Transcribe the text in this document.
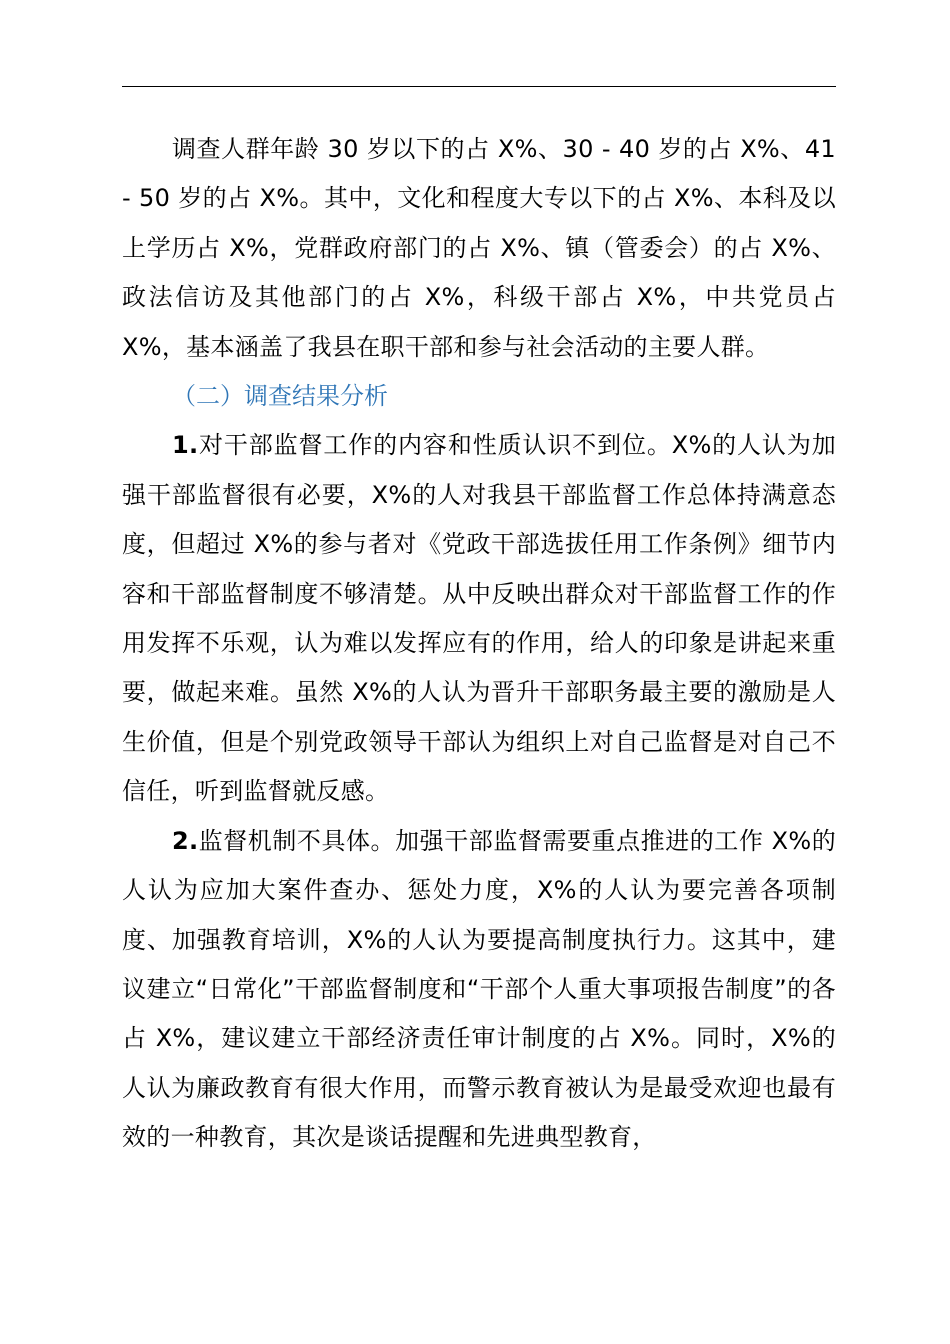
调查人群年龄 30 岁以下的占 X%、30 - 40 岁的占 X%、41 - 50 岁的占 X%。其中，文化和程度大专以下的占 X%、本科及以上学历占 X%，党群政府部门的占 X%、镇（管委会）的占 X%、政法信访及其他部门的占 X%，科级干部占 X%，中共党员占 X%，基本涵盖了我县在职干部和参与社会活动的主要人群。

（二）调查结果分析

1.对干部监督工作的内容和性质认识不到位。X%的人认为加强干部监督很有必要，X%的人对我县干部监督工作总体持满意态度，但超过 X%的参与者对《党政干部选拔任用工作条例》细节内容和干部监督制度不够清楚。从中反映出群众对干部监督工作的作用发挥不乐观，认为难以发挥应有的作用，给人的印象是讲起来重要，做起来难。虽然 X%的人认为晋升干部职务最主要的激励是人生价值，但是个别党政领导干部认为组织上对自己监督是对自己不信任，听到监督就反感。

2.监督机制不具体。加强干部监督需要重点推进的工作 X%的人认为应加大案件查办、惩处力度，X%的人认为要完善各项制度、加强教育培训，X%的人认为要提高制度执行力。这其中，建议建立“日常化”干部监督制度和“干部个人重大事项报告制度”的各占 X%，建议建立干部经济责任审计制度的占 X%。同时，X%的人认为廉政教育有很大作用，而警示教育被认为是最受欢迎也最有效的一种教育，其次是谈话提醒和先进典型教育，
